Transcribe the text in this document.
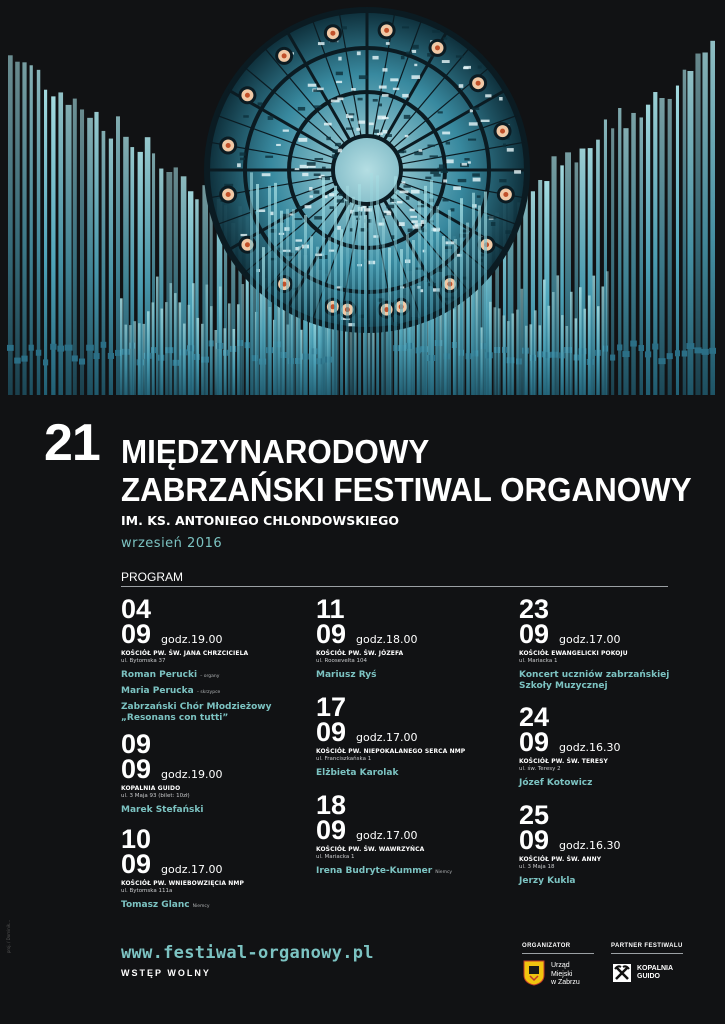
21 MIĘDZYNARODOWY
ZABRZAŃSKI FESTIWAL ORGANOWY
IM. KS. ANTONIEGO CHLONDOWSKIEGO
wrzesień 2016
PROGRAM
04
09 godz.19.00
KOŚCIÓŁ PW. ŚW. JANA CHRZCICIELA
ul. Bytomska 37
Roman Perucki – organy
Maria Perucka – skrzypce
Zabrzański Chór Młodzieżowy „Resonans con tutti”
09
09 godz.19.00
KOPALNIA GUIDO
ul. 3 Maja 93 (bilet: 10zł)
Marek Stefański
10
09 godz.17.00
KOŚCIÓŁ PW. WNIEBOWZIĘCIA NMP
ul. Bytomska 111a
Tomasz Glanc Niemcy
11
09 godz.18.00
KOŚCIÓŁ PW. ŚW. JÓZEFA
ul. Roosevelta 104
Mariusz Ryś
17
09 godz.17.00
KOŚCIÓŁ PW. NIEPOKALANEGO SERCA NMP
ul. Franciszkańska 1
Elżbieta Karolak
18
09 godz.17.00
KOŚCIÓŁ PW. ŚW. WAWRZYŃCA
ul. Mariacka 1
Irena Budryte-Kummer Niemcy
23
09 godz.17.00
KOŚCIÓŁ EWANGELICKI POKOJU
ul. Mariacka 1
Koncert uczniów zabrzańskiej Szkoły Muzycznej
24
09 godz.16.30
KOŚCIÓŁ PW. ŚW. TERESY
ul. św. Teresy 2
Józef Kotowicz
25
09 godz.16.30
KOŚCIÓŁ PW. ŚW. ANNY
ul. 3 Maja 18
Jerzy Kukla
www.festiwal-organowy.pl
WSTĘP WOLNY
ORGANIZATOR
Urząd
Miejski
w Zabrzu
PARTNER FESTIWALU
KOPALNIA
GUIDO
proj. / Dominik...
